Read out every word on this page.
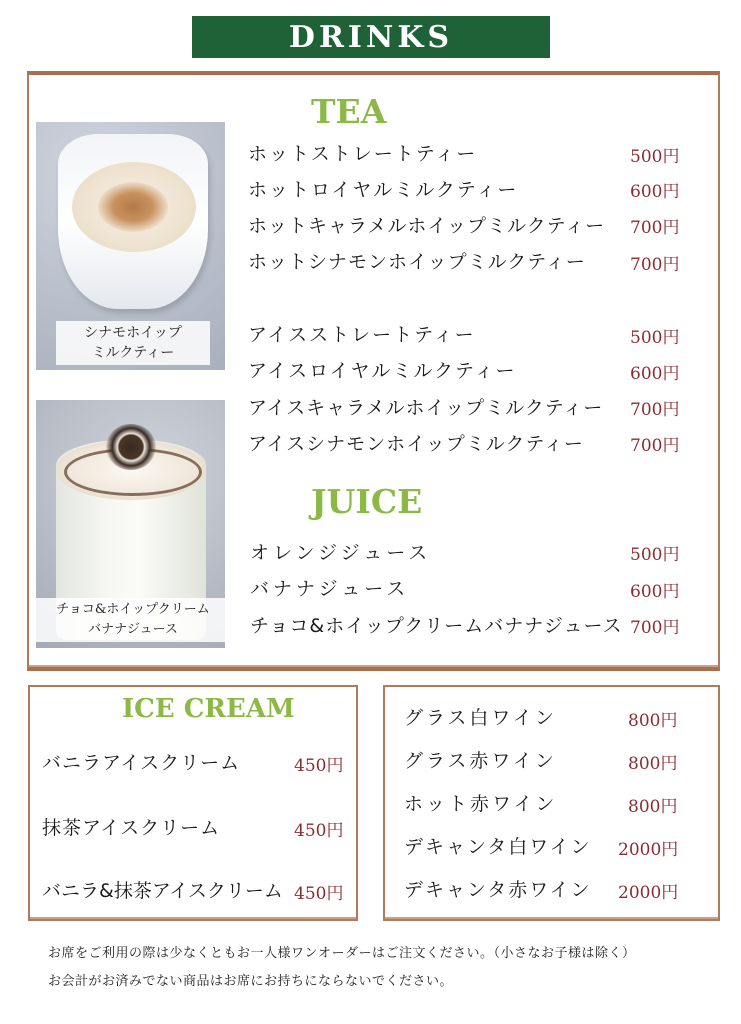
DRINKS
シナモホイップ
ミルクティー
チョコ&ホイップクリーム
バナナジュース
TEA
ホットストレートティー	500円
ホットロイヤルミルクティー	600円
ホットキャラメルホイップミルクティー 700円
ホットシナモンホイップミルクティー	700円
アイスストレートティー	500円
アイスロイヤルミルクティー	600円
アイスキャラメルホイップミルクティー 700円
アイスシナモンホイップミルクティー	700円
JUICE
オレンジジュース	500円
バナナジュース	600円
チョコ&ホイップクリームバナナジュース 700円
ICE CREAM
バニラアイスクリーム	450円
抹茶アイスクリーム	450円
バニラ&抹茶アイスクリーム 450円
グラス白ワイン	800円
グラス赤ワイン	800円
ホット赤ワイン	800円
デキャンタ白ワイン 2000円
デキャンタ赤ワイン 2000円
お席をご利用の際は少なくともお一人様ワンオーダーはご注文ください。（小さなお子様は除く）
お会計がお済みでない商品はお席にお持ちにならないでください。
